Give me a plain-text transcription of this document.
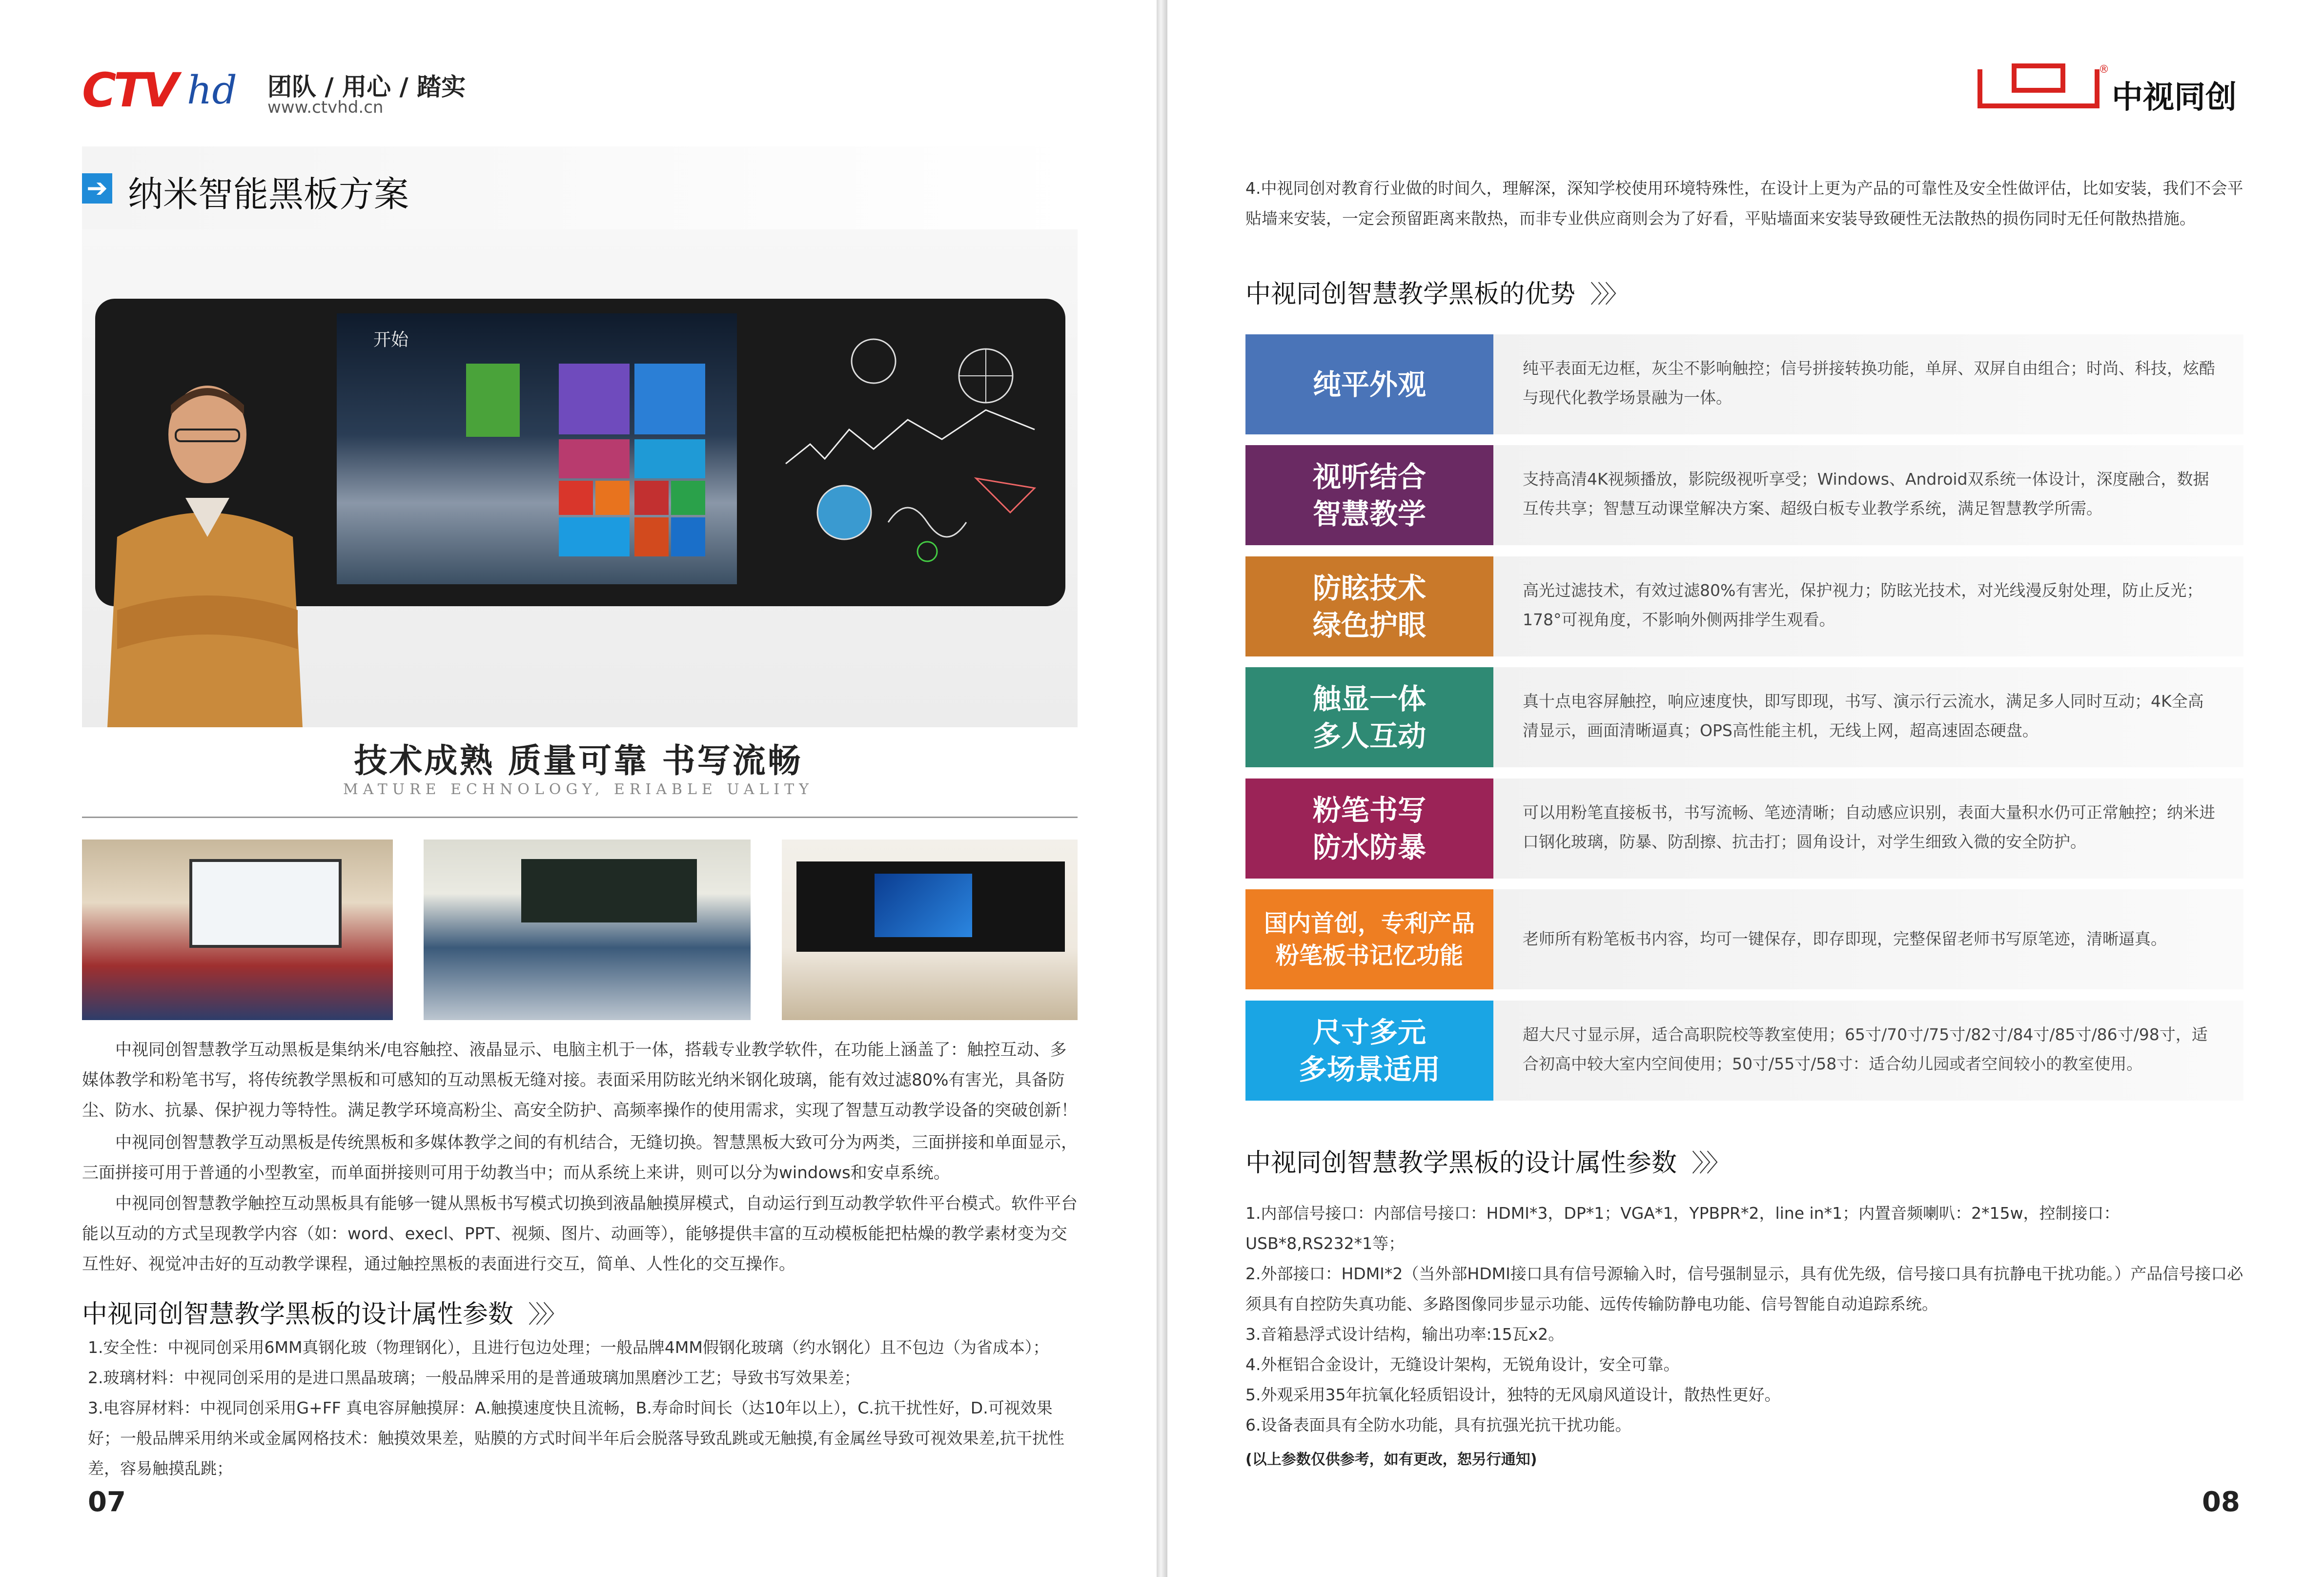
CTV hd 团队 / 用心 / 踏实
www.ctvhd.cn
➔ 纳米智能黑板方案
开始
技术成熟 质量可靠 书写流畅
MATURE ECHNOLOGY, ERIABLE UALITY
中视同创智慧教学互动黑板是集纳米/电容触控、液晶显示、电脑主机于一体，搭载专业教学软件，在功能上涵盖了：触控互动、多媒体教学和粉笔书写，将传统教学黑板和可感知的互动黑板无缝对接。表面采用防眩光纳米钢化玻璃，能有效过滤80%有害光，具备防尘、防水、抗暴、保护视力等特性。满足教学环境高粉尘、高安全防护、高频率操作的使用需求，实现了智慧互动教学设备的突破创新！
中视同创智慧教学互动黑板是传统黑板和多媒体教学之间的有机结合，无缝切换。智慧黑板大致可分为两类，三面拼接和单面显示，三面拼接可用于普通的小型教室，而单面拼接则可用于幼教当中；而从系统上来讲，则可以分为windows和安卓系统。
中视同创智慧教学触控互动黑板具有能够一键从黑板书写模式切换到液晶触摸屏模式，自动运行到互动教学软件平台模式。软件平台能以互动的方式呈现教学内容（如：word、execl、PPT、视频、图片、动画等），能够提供丰富的互动模板能把枯燥的教学素材变为交互性好、视觉冲击好的互动教学课程，通过触控黑板的表面进行交互，简单、人性化的交互操作。
中视同创智慧教学黑板的设计属性参数 〉〉〉
1.安全性：中视同创采用6MM真钢化玻（物理钢化），且进行包边处理；一般品牌4MM假钢化玻璃（约水钢化）且不包边（为省成本）；
2.玻璃材料：中视同创采用的是进口黑晶玻璃；一般品牌采用的是普通玻璃加黑磨沙工艺；导致书写效果差；
3.电容屏材料：中视同创采用G+FF 真电容屏触摸屏：A.触摸速度快且流畅，B.寿命时间长（达10年以上），C.抗干扰性好，D.可视效果好；一般品牌采用纳米或金属网格技术：触摸效果差，贴膜的方式时间半年后会脱落导致乱跳或无触摸,有金属丝导致可视效果差,抗干扰性差，容易触摸乱跳；
07
®
中视同创
4.中视同创对教育行业做的时间久，理解深，深知学校使用环境特殊性，在设计上更为产品的可靠性及安全性做评估，比如安装，我们不会平贴墙来安装，一定会预留距离来散热，而非专业供应商则会为了好看，平贴墙面来安装导致硬性无法散热的损伤同时无任何散热措施。
中视同创智慧教学黑板的优势 〉〉〉
纯平外观	纯平表面无边框，灰尘不影响触控；信号拼接转换功能，单屏、双屏自由组合；时尚、科技，炫酷与现代化教学场景融为一体。
视听结合
智慧教学
支持高清4K视频播放，影院级视听享受；Windows、Android双系统一体设计，深度融合，数据互传共享；智慧互动课堂解决方案、超级白板专业教学系统，满足智慧教学所需。
防眩技术
绿色护眼
高光过滤技术，有效过滤80%有害光，保护视力；防眩光技术，对光线漫反射处理，防止反光；178°可视角度，不影响外侧两排学生观看。
触显一体
多人互动
真十点电容屏触控，响应速度快，即写即现，书写、演示行云流水，满足多人同时互动；4K全高清显示，画面清晰逼真；OPS高性能主机，无线上网，超高速固态硬盘。
粉笔书写
防水防暴
可以用粉笔直接板书，书写流畅、笔迹清晰；自动感应识别，表面大量积水仍可正常触控；纳米进口钢化玻璃，防暴、防刮擦、抗击打；圆角设计，对学生细致入微的安全防护。
国内首创，专利产品
粉笔板书记忆功能
老师所有粉笔板书内容，均可一键保存，即存即现，完整保留老师书写原笔迹，清晰逼真。
尺寸多元
多场景适用
超大尺寸显示屏，适合高职院校等教室使用；65寸/70寸/75寸/82寸/84寸/85寸/86寸/98寸，适合初高中较大室内空间使用；50寸/55寸/58寸：适合幼儿园或者空间较小的教室使用。
中视同创智慧教学黑板的设计属性参数 〉〉〉
1.内部信号接口：内部信号接口：HDMI*3，DP*1；VGA*1，YPBPR*2，line in*1；内置音频喇叭：2*15w，控制接口：USB*8,RS232*1等；
2.外部接口：HDMI*2（当外部HDMI接口具有信号源输入时，信号强制显示，具有优先级，信号接口具有抗静电干扰功能。）产品信号接口必须具有自控防失真功能、多路图像同步显示功能、远传传输防静电功能、信号智能自动追踪系统。
3.音箱悬浮式设计结构，输出功率:15瓦x2。
4.外框铝合金设计，无缝设计架构，无锐角设计，安全可靠。
5.外观采用35年抗氧化轻质铝设计，独特的无风扇风道设计，散热性更好。
6.设备表面具有全防水功能，具有抗强光抗干扰功能。
(以上参数仅供参考，如有更改，恕另行通知)
08
